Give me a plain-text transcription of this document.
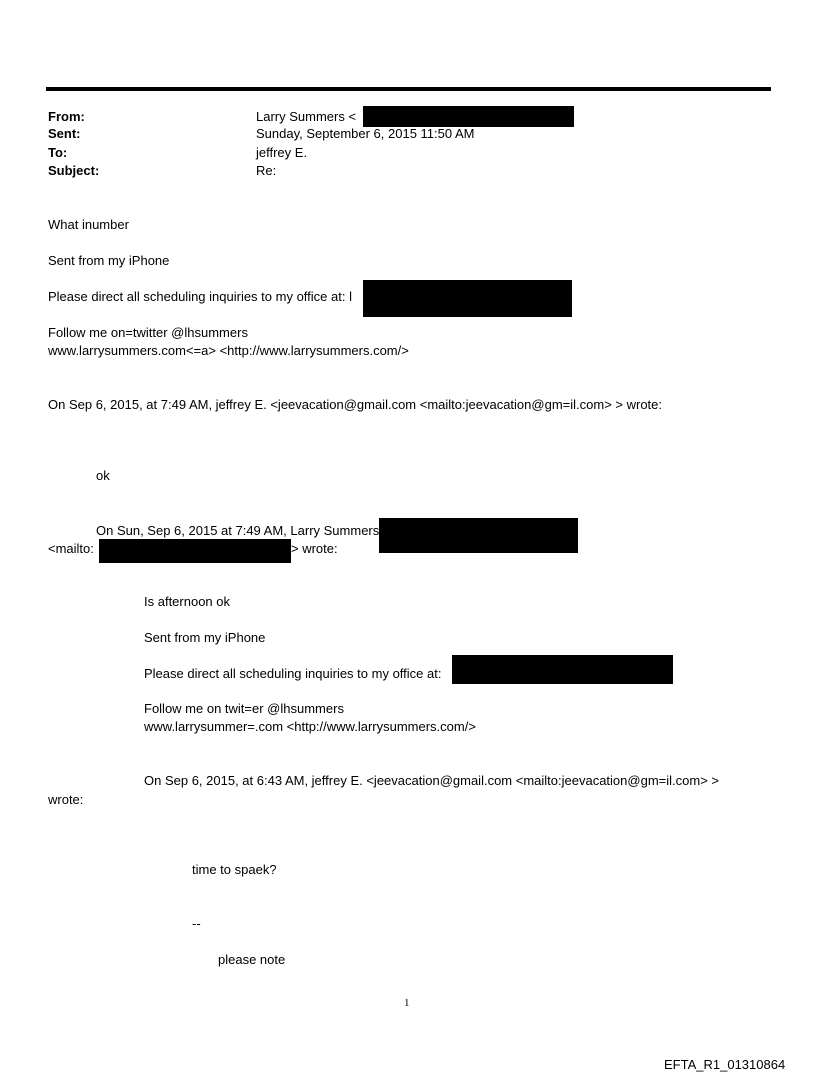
From:	Larry Summers <
Sent:	Sunday, September 6, 2015 11:50 AM
To:	jeffrey E.
Subject:	Re:
What inumber
Sent from my iPhone
Please direct all scheduling inquiries to my office at: l
Follow me on=twitter @lhsummers
www.larrysummers.com<=a> <http://www.larrysummers.com/>
On Sep 6, 2015, at 7:49 AM, jeffrey E. <jeevacation@gmail.com <mailto:jeevacation@gm=il.com> > wrote:
ok
On Sun, Sep 6, 2015 at 7:49 AM, Larry Summers
<mailto:	> wrote:
Is afternoon ok
Sent from my iPhone
Please direct all scheduling inquiries to my office at:
Follow me on twit=er @lhsummers
www.larrysummer=.com <http://www.larrysummers.com/>
On Sep 6, 2015, at 6:43 AM, jeffrey E. <jeevacation@gmail.com <mailto:jeevacation@gm=il.com> >
wrote:
time to spaek?
--
please note
1
EFTA_R1_01310864
